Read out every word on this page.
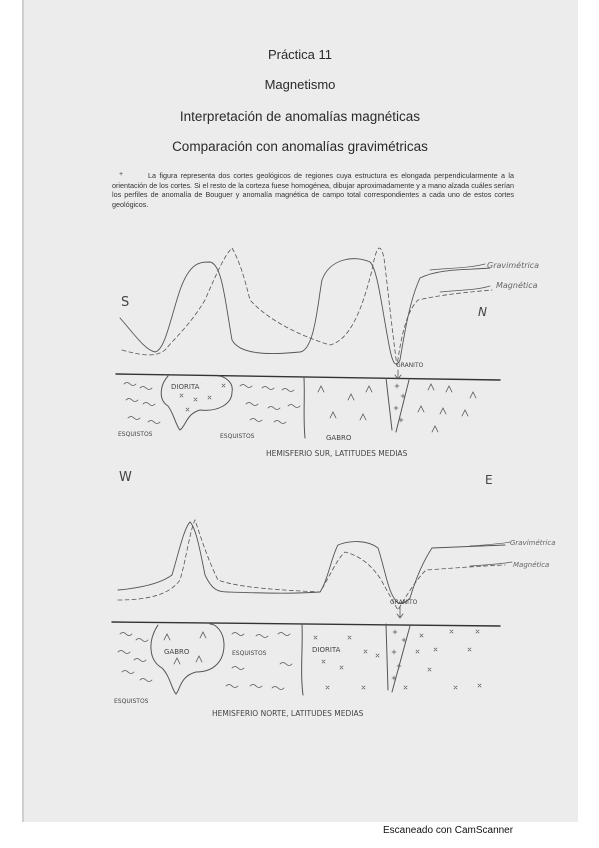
Práctica 11
Magnetismo
Interpretación de anomalías magnéticas
Comparación con anomalías gravimétricas
+	La figura representa dos cortes geológicos de regiones cuya estructura es elongada perpendicularmente a la orientación de los cortes. Si el resto de la corteza fuese homogénea, dibujar aproximadamente y a mano alzada cuáles serían los perfiles de anomalía de Bouguer y anomalía magnética de campo total correspondientes a cada uno de estos cortes geológicos.
Gravimétrica
Magnética
S
N
GRANITO
DIORITA
ESQUISTOS	ESQUISTOS	GABRO
HEMISFERIO SUR, LATITUDES MEDIAS
W	E
Gravimétrica
Magnética
GRANITO
GABRO	ESQUISTOS	DIORITA
ESQUISTOS
HEMISFERIO NORTE, LATITUDES MEDIAS
Escaneado con CamScanner
